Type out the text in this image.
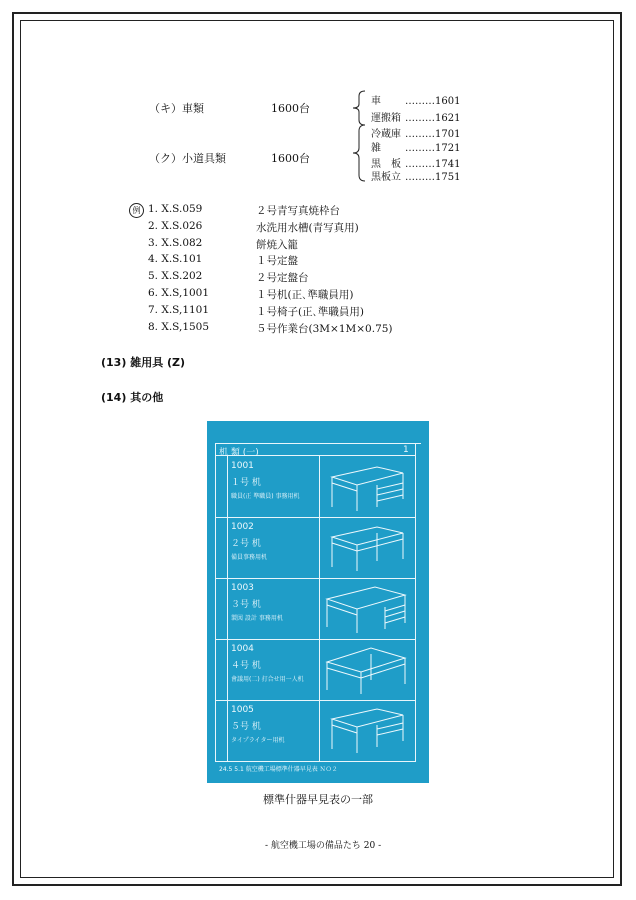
（キ）車類	1600台
（ク）小道具類	1600台
車 ………1601
運搬箱 ………1621
冷蔵庫 ………1701
雑 ………1721
黒　板 ………1741
黒板立 ………1751
例 1. X.S.059	２号青写真焼枠台
2. X.S.026	水洗用水槽(青写真用)
3. X.S.082	餅焼入籠
4. X.S.101	１号定盤
5. X.S.202	２号定盤台
6. X.S,1001	１号机(正､準職員用)
7. X.S,1101	１号椅子(正､準職員用)
8. X.S,1505	５号作業台(3M×1M×0.75)
(13) 雑用具 (Z)
(14) 其の他
机 類 (一)	1
1001
１号 机
職員(正 準職員) 事務用机
1002
２号 机
備員事務用机
1003
３号 机
製図 設計 事務用机
1004
４号 机
會議用(二) 打合せ用一人机
1005
５号 机
タイプライター用机
24.5 5.1 航空機工場標準什器早見表 ＮＯ２
標準什器早見表の一部
- 航空機工場の備品たち 20 -
